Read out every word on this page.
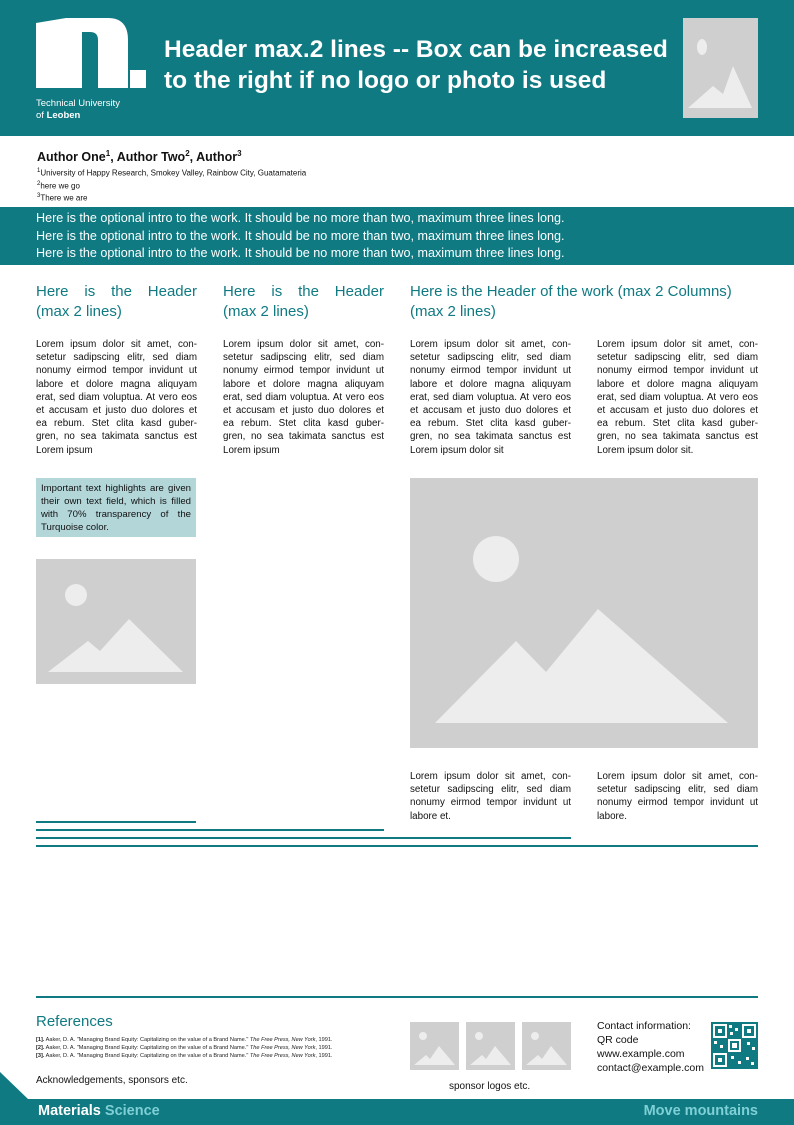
Technical University
of Leoben
Header max.2 lines -- Box can be increased to the right if no logo or photo is used
Author One$^1$, Author Two$^2$, Author$^3$
$^1$University of Happy Research, Smokey Valley, Rainbow City, Guatamateria
$^2$here we go
$^3$There we are
Here is the optional intro to the work. It should be no more than two, maximum three lines long.
Here is the optional intro to the work. It should be no more than two, maximum three lines long.
Here is the optional intro to the work. It should be no more than two, maximum three lines long.
Here is the Header (max 2 lines)
Lorem ipsum dolor sit amet, con-setetur sadipscing elitr, sed diam nonumy eirmod tempor invidunt ut labore et dolore magna aliquyam erat, sed diam voluptua. At vero eos et accusam et justo duo dolores et ea rebum. Stet clita kasd guber-gren, no sea takimata sanctus est Lorem ipsum
Important text highlights are given their own text field, which is filled with 70% transparency of the Turquoise color.
Here is the Header (max 2 lines)
Lorem ipsum dolor sit amet, con-setetur sadipscing elitr, sed diam nonumy eirmod tempor invidunt ut labore et dolore magna aliquyam erat, sed diam voluptua. At vero eos et accusam et justo duo dolores et ea rebum. Stet clita kasd guber-gren, no sea takimata sanctus est Lorem ipsum
Here is the Header of the work (max 2 Columns) (max 2 lines)
Lorem ipsum dolor sit amet, con-setetur sadipscing elitr, sed diam nonumy eirmod tempor invidunt ut labore et dolore magna aliquyam erat, sed diam voluptua. At vero eos et accusam et justo duo dolores et ea rebum. Stet clita kasd guber-gren, no sea takimata sanctus est Lorem ipsum dolor sit
Lorem ipsum dolor sit amet, con-setetur sadipscing elitr, sed diam nonumy eirmod tempor invidunt ut labore et dolore magna aliquyam erat, sed diam voluptua. At vero eos et accusam et justo duo dolores et ea rebum. Stet clita kasd guber-gren, no sea takimata sanctus est Lorem ipsum dolor sit.
Lorem ipsum dolor sit amet, con-setetur sadipscing elitr, sed diam nonumy eirmod tempor invidunt ut labore et.
Lorem ipsum dolor sit amet, con-setetur sadipscing elitr, sed diam nonumy eirmod tempor invidunt ut labore.
References
[1]. Aaker, D. A. "Managing Brand Equity: Capitalizing on the value of a Brand Name." The Free Press, New York, 1991.
[2]. Aaker, D. A. "Managing Brand Equity: Capitalizing on the value of a Brand Name." The Free Press, New York, 1991.
[3]. Aaker, D. A. "Managing Brand Equity: Capitalizing on the value of a Brand Name." The Free Press, New York, 1991.
Acknowledgements, sponsors etc.
sponsor logos etc.
Contact information:
QR code
www.example.com
contact@example.com
Materials Science	Move mountains
